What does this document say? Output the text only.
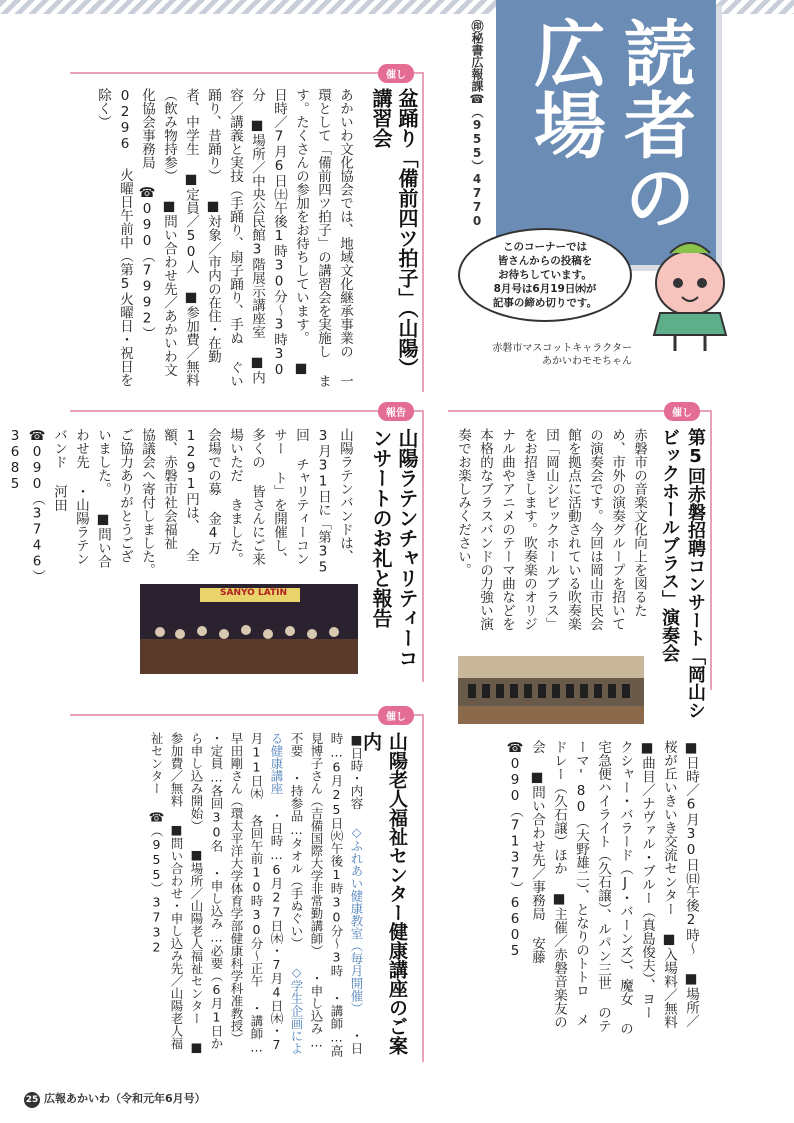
読者の
広場
㊞秘書広報課☎（955）4770
このコーナーでは
皆さんからの投稿を
お待ちしています。
8月号は6月19日㈬が
記事の締め切りです。
赤磐市マスコットキャラクター
あかいわモモちゃん
催し
盆踊り「備前四ツ拍子」（山陽）講習会
あかいわ文化協会では、地域文化継承事業の 一環として「備前四ツ拍子」の講習会を実施し ます。たくさんの参加をお待ちしています。 ■日時／7月6日㈯午後1時30分～3時30分 ■場所／中央公民館3階展示講座室 ■内容／講義と実技（手踊り、扇子踊り、手ぬ ぐい踊り、昔踊り） ■対象／市内の在住・在勤者、中学生 ■定員／50人 ■参加費／無料（飲み物持参） ■問い合わせ先／あかいわ文化協会事務局 ☎090（7992）0296 火曜日午前中（第5火曜日・祝日を除く）
報告
山陽ラテンチャリティーコンサートのお礼と報告
山陽ラテンバンドは、 3月31日に「第35回 チャリティーコンサー ト」を開催し、多くの 皆さんにご来場いただ きました。会場での募 金4万1291円は、 全額、赤磐市社会福祉 協議会へ寄付しました。 ご協力ありがとうござ いました。 ■問い合わせ先 ・山陽ラテンバンド 河田 ☎090（3746）3685
SANYO LATIN
催し
第5回赤磐招聘コンサート「岡山シビックホールブラス」演奏会
赤磐市の音楽文化向上を図るた め、市外の演奏グループを招いて の演奏会です。今回は岡山市民会 館を拠点に活動されている吹奏楽 団「岡山シビックホールブラス」 をお招きします。吹奏楽のオリジ ナル曲やアニメのテーマ曲などを 本格的なブラスバンドの力強い演 奏でお楽しみください。
■日時／6月30日㈰午後2時～ ■場所／桜が丘いきいき交流センター ■入場料／無料 ■曲目／ナヴァル・ブルー（真島俊夫）、ヨー クシャー・バラード（J・バーンズ）、魔女 の宅急便ハイライト（久石譲）、ルパン三世 のテーマ'80（大野雄二）、となりのトトロ メ ドレー（久石譲）ほか ■主催／赤磐音楽友の会 ■問い合わせ先／事務局 安藤 ☎090（7137）6605
催し
山陽老人福祉センター健康講座のご案内
■日時・内容 ◇ふれあい健康教室（毎月開催） ・日時…6月25日㈫午後1時30分～3時 ・講師…高見博子さん（吉備国際大学非常勤講師） ・申し込み…不要 ・持参品…タオル（手ぬぐい） ◇学生企画による健康講座 ・日時…6月27日㈭・7月4日㈭・7月11日㈭ 各回午前10時30分～正午 ・講師…早田剛さん（環太平洋大学体育学部健康科学科准教授） ・定員…各回30名 ・申し込み…必要（6月1日から申し込み開始） ■場所／山陽老人福祉センター ■参加費／無料 ■問い合わせ・申し込み先／山陽老人福祉センター ☎（955）3732
25 広報あかいわ（令和元年6月号）
